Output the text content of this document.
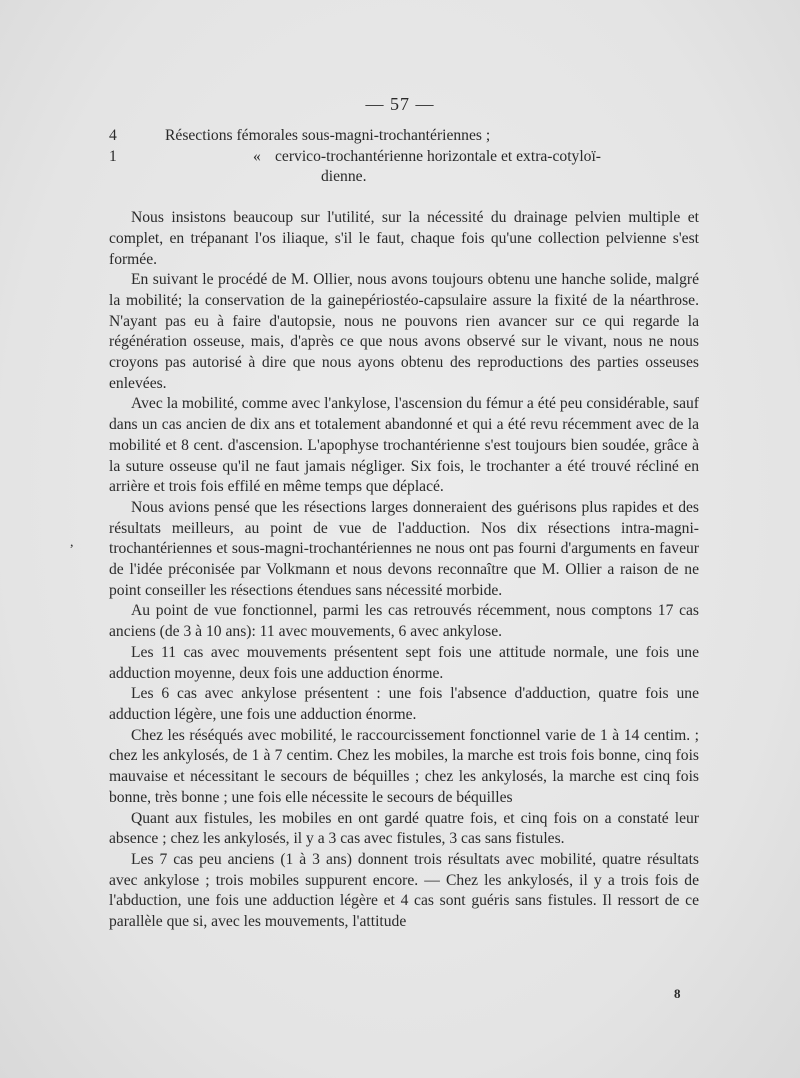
— 57 —
4	Résections fémorales sous-magni-trochantériennes ;
1	« cervico-trochantérienne horizontale et extra-cotyloï-
dienne.

Nous insistons beaucoup sur l'utilité, sur la nécessité du drainage pelvien multiple et complet, en trépanant l'os iliaque, s'il le faut, chaque fois qu'une collection pelvienne s'est formée.

En suivant le procédé de M. Ollier, nous avons toujours obtenu une hanche solide, malgré la mobilité; la conservation de la gainepériostéo-capsulaire assure la fixité de la néarthrose. N'ayant pas eu à faire d'autopsie, nous ne pouvons rien avancer sur ce qui regarde la régénération osseuse, mais, d'après ce que nous avons observé sur le vivant, nous ne nous croyons pas autorisé à dire que nous ayons obtenu des reproductions des parties osseuses enlevées.

Avec la mobilité, comme avec l'ankylose, l'ascension du fémur a été peu considérable, sauf dans un cas ancien de dix ans et totalement abandonné et qui a été revu récemment avec de la mobilité et 8 cent. d'ascension. L'apophyse trochantérienne s'est toujours bien soudée, grâce à la suture osseuse qu'il ne faut jamais négliger. Six fois, le trochanter a été trouvé récliné en arrière et trois fois effilé en même temps que déplacé.

Nous avions pensé que les résections larges donneraient des guérisons plus rapides et des résultats meilleurs, au point de vue de l'adduction. Nos dix résections intra-magni-trochantériennes et sous-magni-trochantériennes ne nous ont pas fourni d'arguments en faveur de l'idée préconisée par Volkmann et nous devons reconnaître que M. Ollier a raison de ne point conseiller les résections étendues sans nécessité morbide.

Au point de vue fonctionnel, parmi les cas retrouvés récemment, nous comptons 17 cas anciens (de 3 à 10 ans): 11 avec mouvements, 6 avec ankylose.

Les 11 cas avec mouvements présentent sept fois une attitude normale, une fois une adduction moyenne, deux fois une adduction énorme.

Les 6 cas avec ankylose présentent : une fois l'absence d'adduction, quatre fois une adduction légère, une fois une adduction énorme.

Chez les réséqués avec mobilité, le raccourcissement fonctionnel varie de 1 à 14 centim. ; chez les ankylosés, de 1 à 7 centim. Chez les mobiles, la marche est trois fois bonne, cinq fois mauvaise et nécessitant le secours de béquilles ; chez les ankylosés, la marche est cinq fois bonne, très bonne ; une fois elle nécessite le secours de béquilles

Quant aux fistules, les mobiles en ont gardé quatre fois, et cinq fois on a constaté leur absence ; chez les ankylosés, il y a 3 cas avec fistules, 3 cas sans fistules.

Les 7 cas peu anciens (1 à 3 ans) donnent trois résultats avec mobilité, quatre résultats avec ankylose ; trois mobiles suppurent encore. — Chez les ankylosés, il y a trois fois de l'abduction, une fois une adduction légère et 4 cas sont guéris sans fistules. Il ressort de ce parallèle que si, avec les mouvements, l'attitude

,
8
